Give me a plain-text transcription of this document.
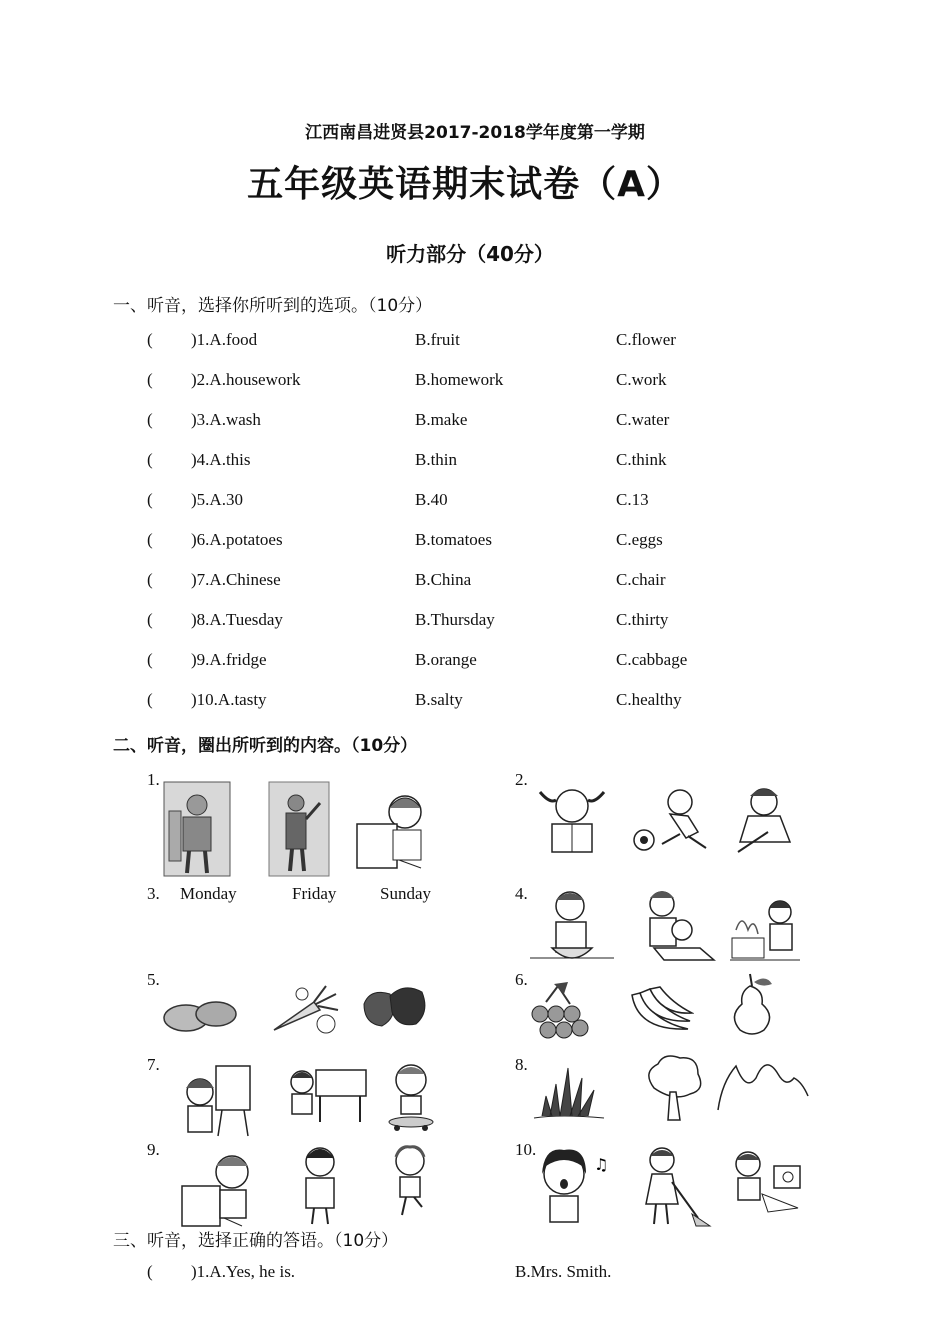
江西南昌进贤县2017-2018学年度第一学期
五年级英语期末试卷（A）
听力部分（40分）
一、听音，选择你所听到的选项。（10分）
( )1.A.food	B.fruit	C.flower
( )2.A.housework	B.homework	C.work
( )3.A.wash	B.make	C.water
( )4.A.this	B.thin	C.think
( )5.A.30	B.40	C.13
( )6.A.potatoes	B.tomatoes	C.eggs
( )7.A.Chinese	B.China	C.chair
( )8.A.Tuesday	B.Thursday	C.thirty
( )9.A.fridge	B.orange	C.cabbage
( )10.A.tasty	B.salty	C.healthy
二、听音，圈出所听到的内容。（10分）
1.	2.
3.	4.
5.	6.
7.	8.
9.	10.
Monday	Friday	Sunday
♫
三、听音，选择正确的答语。（10分）
( )1.A.Yes, he is.	B.Mrs. Smith.
